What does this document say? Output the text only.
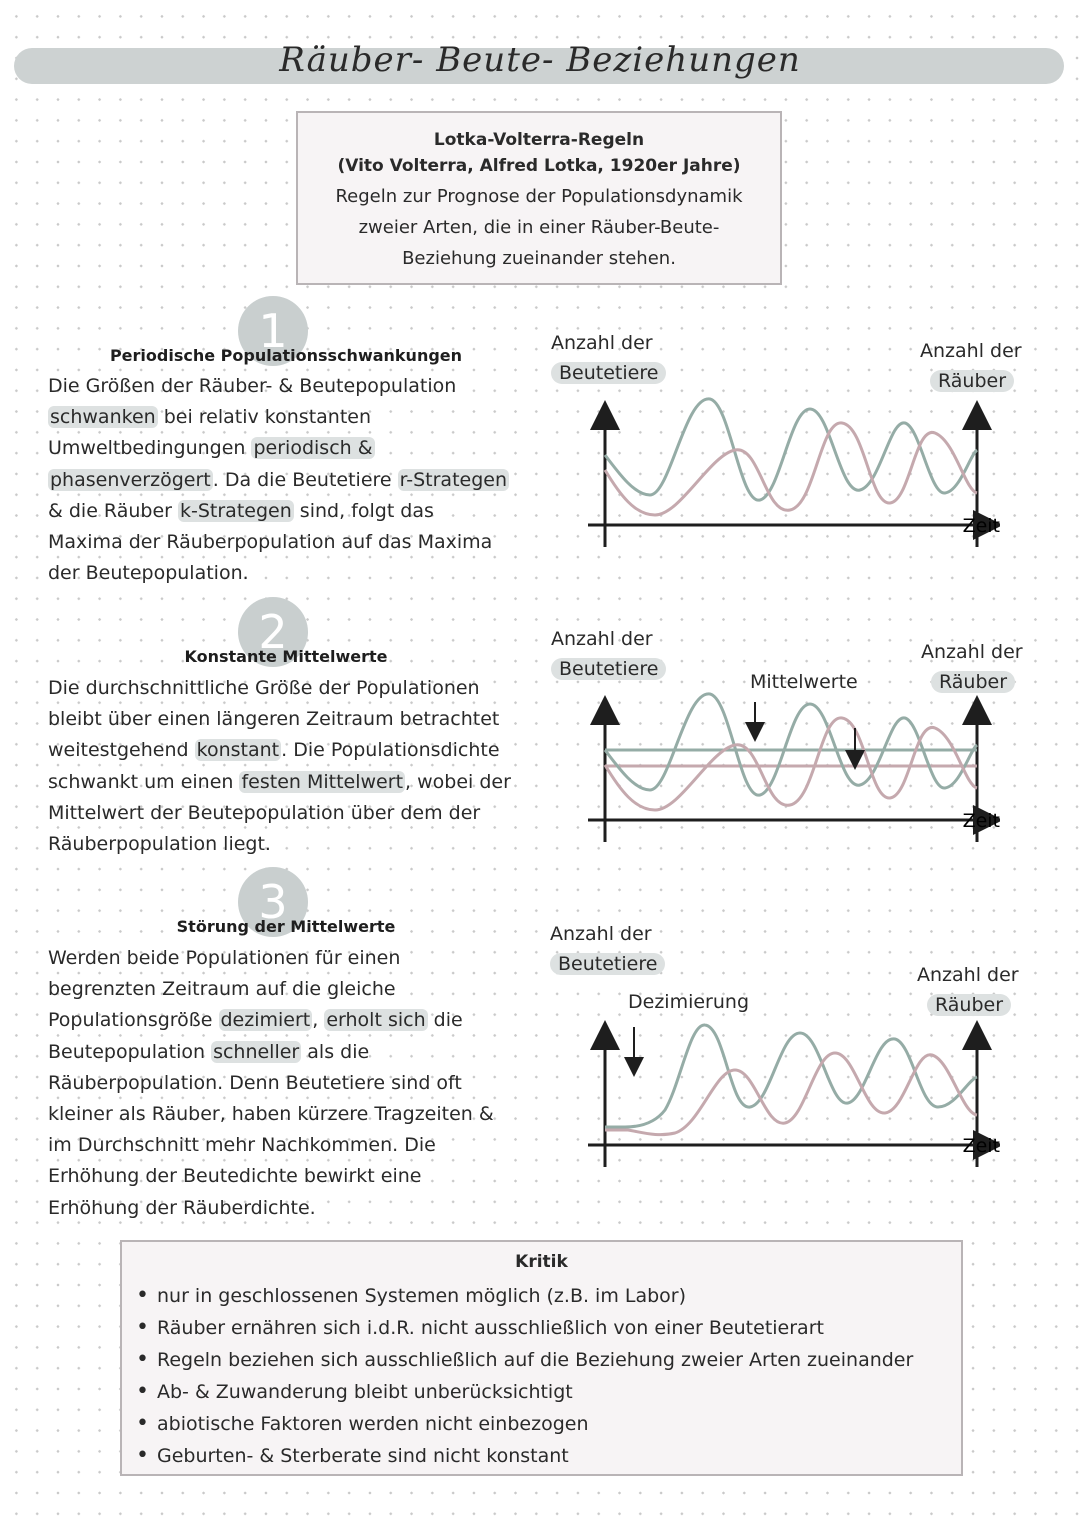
Räuber- Beute- Beziehungen
Lotka-Volterra-Regeln
(Vito Volterra, Alfred Lotka, 1920er Jahre)
Regeln zur Prognose der Populationsdynamik
zweier Arten, die in einer Räuber-Beute-
Beziehung zueinander stehen.
1
Periodische Populationsschwankungen
Die Größen der Räuber- & Beutepopulation
schwanken bei relativ konstanten
Umweltbedingungen periodisch &
phasenverzögert . Da die Beutetiere r-Strategen
& die Räuber k-Strategen sind, folgt das
Maxima der Räuberpopulation auf das Maxima
der Beutepopulation.
2
Konstante Mittelwerte
Die durchschnittliche Größe der Populationen
bleibt über einen längeren Zeitraum betrachtet
weitestgehend konstant . Die Populationsdichte
schwankt um einen festen Mittelwert , wobei der
Mittelwert der Beutepopulation über dem der
Räuberpopulation liegt.
3
Störung der Mittelwerte
Werden beide Populationen für einen
begrenzten Zeitraum auf die gleiche
Populationsgröße dezimiert , erholt sich die
Beutepopulation schneller als die
Räuberpopulation. Denn Beutetiere sind oft
kleiner als Räuber, haben kürzere Tragzeiten &
im Durchschnitt mehr Nachkommen. Die
Erhöhung der Beutedichte bewirkt eine
Erhöhung der Räuberdichte.
Anzahl der
Beutetiere
Anzahl der
Räuber
Zeit
Anzahl der
Beutetiere
Anzahl der
Räuber
Mittelwerte
Zeit
Anzahl der
Beutetiere	Anzahl der
Räuber
Dezimierung
Zeit
Kritik
• nur in geschlossenen Systemen möglich (z.B. im Labor)
• Räuber ernähren sich i.d.R. nicht ausschließlich von einer Beutetierart
• Regeln beziehen sich ausschließlich auf die Beziehung zweier Arten zueinander
• Ab- & Zuwanderung bleibt unberücksichtigt
• abiotische Faktoren werden nicht einbezogen
• Geburten- & Sterberate sind nicht konstant
